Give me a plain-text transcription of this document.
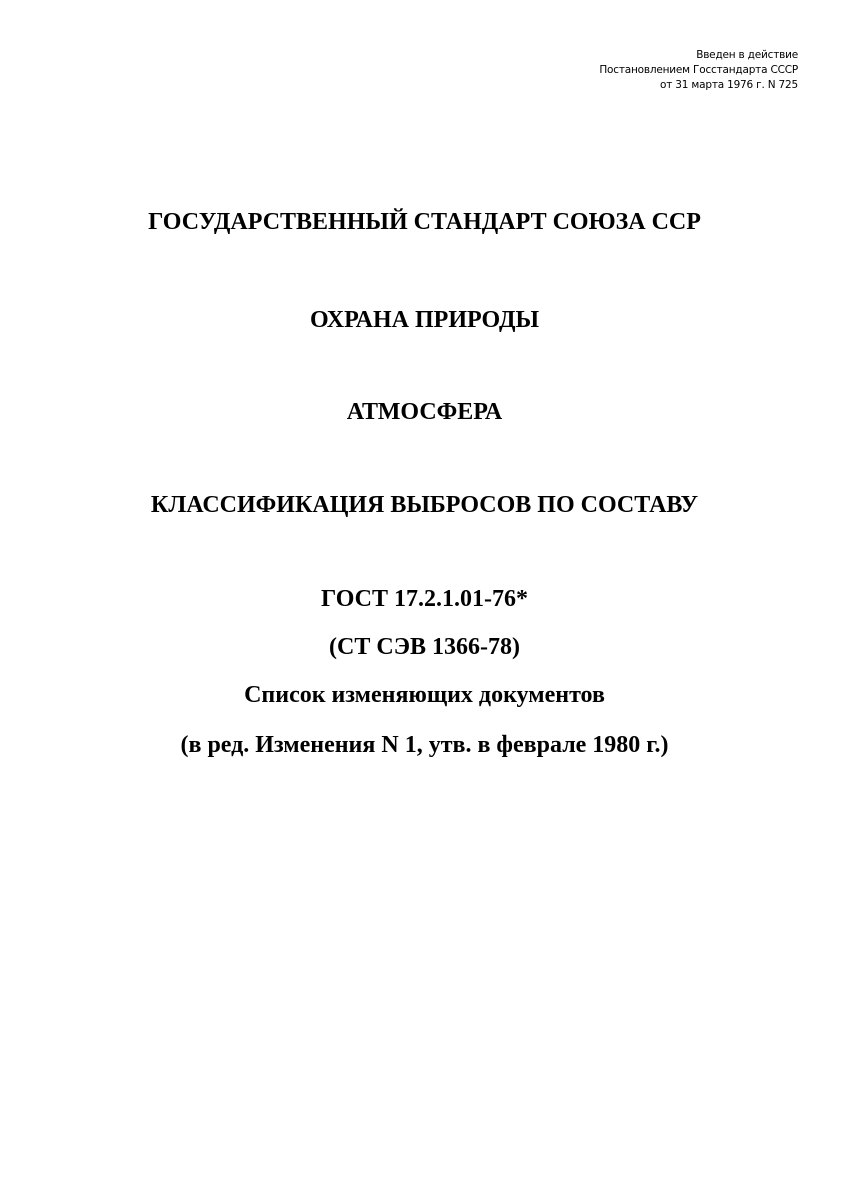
Введен в действие
Постановлением Госстандарта СССР
от 31 марта 1976 г. N 725
ГОСУДАРСТВЕННЫЙ СТАНДАРТ СОЮЗА ССР
ОХРАНА ПРИРОДЫ
АТМОСФЕРА
КЛАССИФИКАЦИЯ ВЫБРОСОВ ПО СОСТАВУ
ГОСТ 17.2.1.01-76*
(СТ СЭВ 1366-78)
Список изменяющих документов
(в ред. Изменения N 1, утв. в феврале 1980 г.)
